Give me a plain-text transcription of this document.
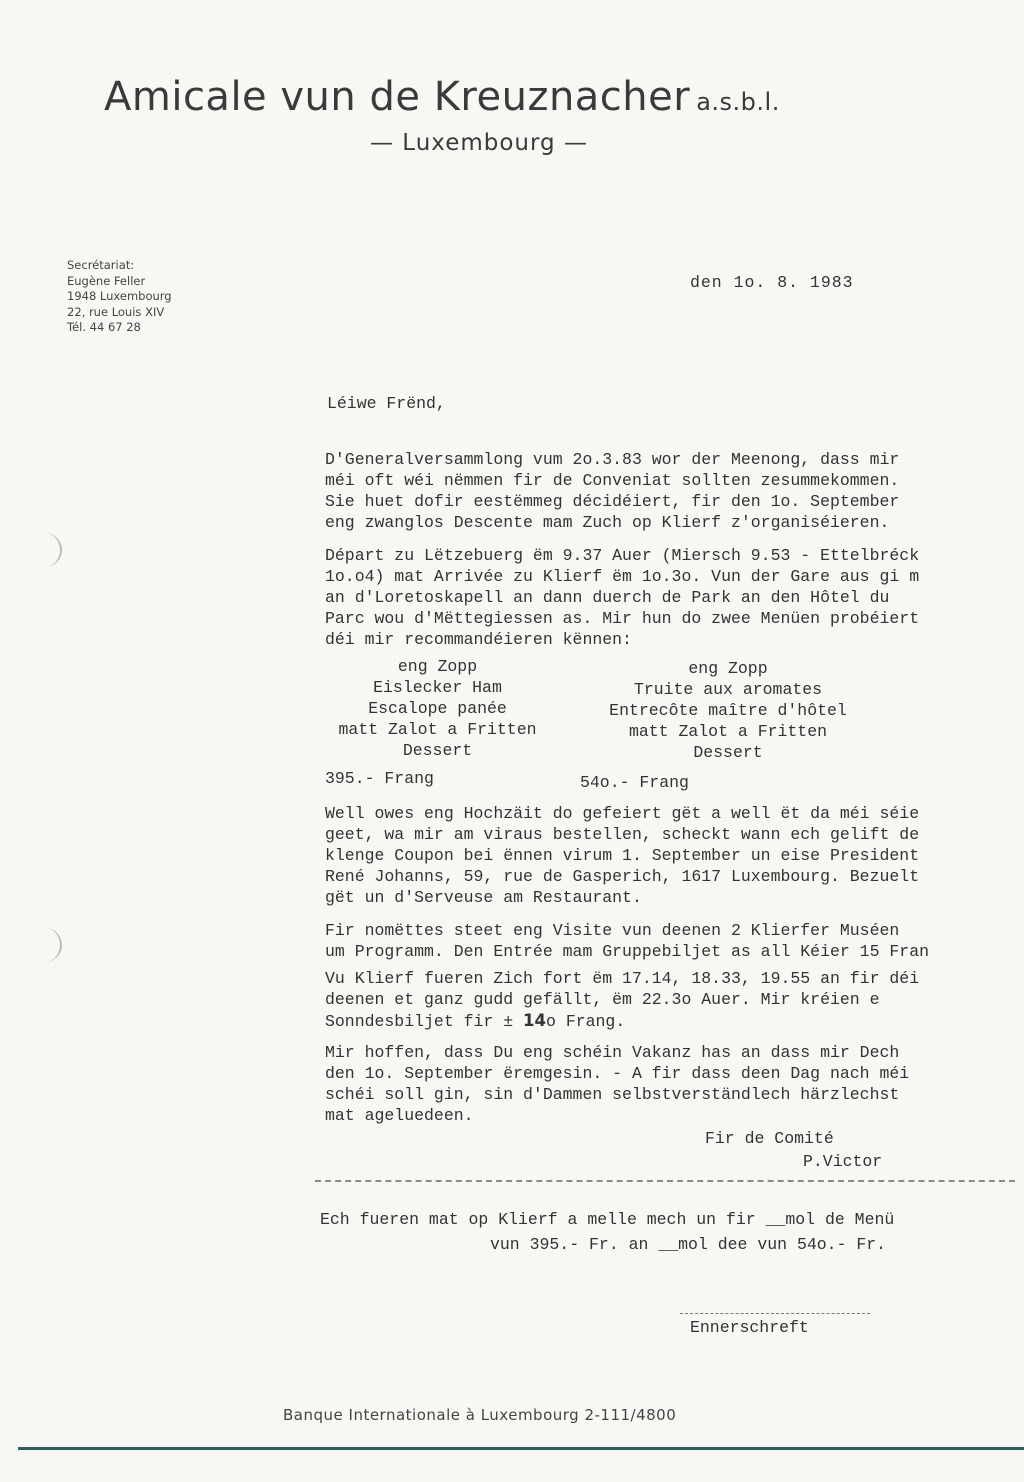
Amicale vun de Kreuznacher a.s.b.l.
— Luxembourg —
Secrétariat:
Eugène Feller
1948 Luxembourg
22, rue Louis XIV
Tél. 44 67 28
den 1o. 8. 1983
Léiwe Frënd,
D'Generalversammlong vum 2o.3.83 wor der Meenong, dass mir
méi oft wéi nëmmen fir de Conveniat sollten zesummekommen.
Sie huet dofir eestëmmeg décidéiert, fir den 1o. September
eng zwanglos Descente mam Zuch op Klierf z'organiséieren.
Départ zu Lëtzebuerg ëm 9.37 Auer (Miersch 9.53 - Ettelbréck
1o.o4) mat Arrivée zu Klierf ëm 1o.3o. Vun der Gare aus gi m
an d'Loretoskapell an dann duerch de Park an den Hôtel du
Parc wou d'Mëttegiessen as. Mir hun do zwee Menüen probéiert
déi mir recommandéieren kënnen:
eng Zopp
Eislecker Ham
Escalope panée
matt Zalot a Fritten
Dessert
eng Zopp
Truite aux aromates
Entrecôte maître d'hôtel
matt Zalot a Fritten
Dessert
395.- Frang	54o.- Frang
Well owes eng Hochzäit do gefeiert gët a well ët da méi séie
geet, wa mir am viraus bestellen, scheckt wann ech gelift de
klenge Coupon bei ënnen virum 1. September un eise President
René Johanns, 59, rue de Gasperich, 1617 Luxembourg. Bezuelt
gët un d'Serveuse am Restaurant.
Fir nomëttes steet eng Visite vun deenen 2 Klierfer Muséen
um Programm. Den Entrée mam Gruppebiljet as all Kéier 15 Fran
Vu Klierf fueren Zich fort ëm 17.14, 18.33, 19.55 an fir déi
deenen et ganz gudd gefällt, ëm 22.3o Auer. Mir kréien e
Sonndesbiljet fir ± 14o Frang.
Mir hoffen, dass Du eng schéin Vakanz has an dass mir Dech
den 1o. September ëremgesin. - A fir dass deen Dag nach méi
schéi soll gin, sin d'Dammen selbstverständlech härzlechst
mat ageluedeen.
Fir de Comité
P.Victor
Ech fueren mat op Klierf a melle mech un fir __mol de Menü
vun 395.- Fr. an __mol dee vun 54o.- Fr.
Ennerschreft
Banque Internationale à Luxembourg 2-111/4800
